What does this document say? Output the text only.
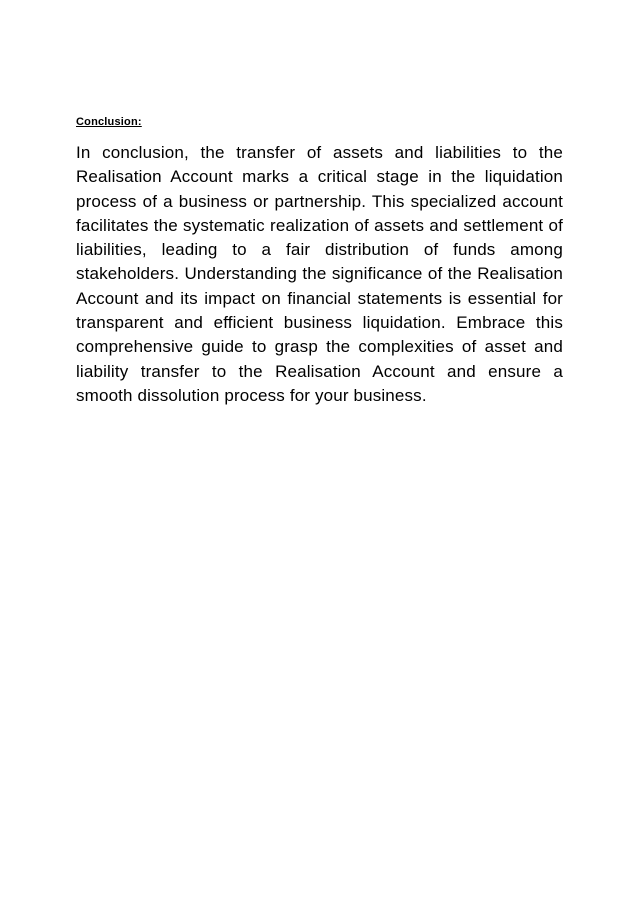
Conclusion:

In conclusion, the transfer of assets and liabilities to the Realisation Account marks a critical stage in the liquidation process of a business or partnership. This specialized account facilitates the systematic realization of assets and settlement of liabilities, leading to a fair distribution of funds among stakeholders. Understanding the significance of the Realisation Account and its impact on financial statements is essential for transparent and efficient business liquidation. Embrace this comprehensive guide to grasp the complexities of asset and liability transfer to the Realisation Account and ensure a smooth dissolution process for your business.
